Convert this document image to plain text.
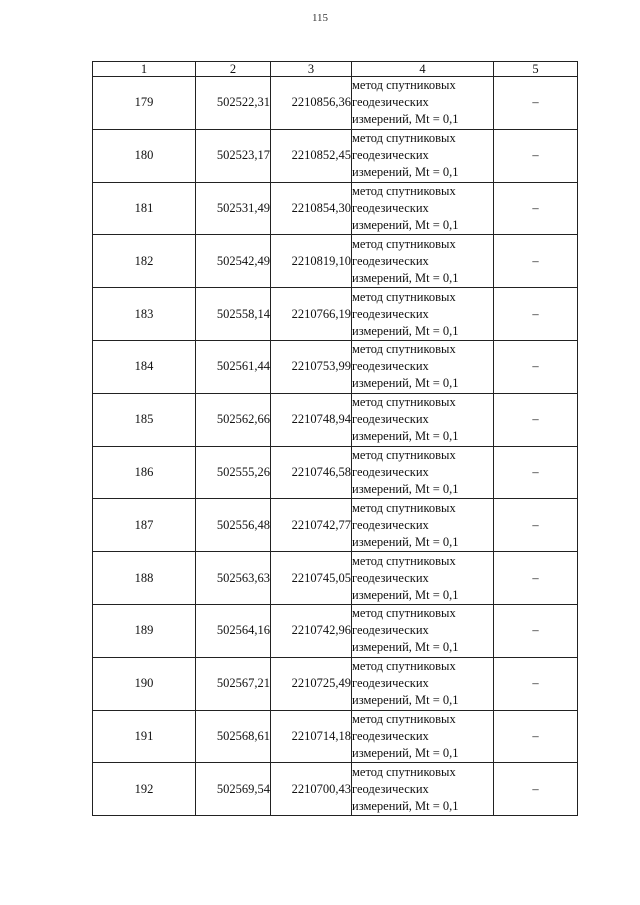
115
1	2	3	4	5
179	502522,31	2210856,36	метод спутниковых
геодезических
измерений, Mt = 0,1	–
180	502523,17	2210852,45	метод спутниковых
геодезических
измерений, Mt = 0,1	–
181	502531,49	2210854,30	метод спутниковых
геодезических
измерений, Mt = 0,1	–
182	502542,49	2210819,10	метод спутниковых
геодезических
измерений, Mt = 0,1	–
183	502558,14	2210766,19	метод спутниковых
геодезических
измерений, Mt = 0,1	–
184	502561,44	2210753,99	метод спутниковых
геодезических
измерений, Mt = 0,1	–
185	502562,66	2210748,94	метод спутниковых
геодезических
измерений, Mt = 0,1	–
186	502555,26	2210746,58	метод спутниковых
геодезических
измерений, Mt = 0,1	–
187	502556,48	2210742,77	метод спутниковых
геодезических
измерений, Mt = 0,1	–
188	502563,63	2210745,05	метод спутниковых
геодезических
измерений, Mt = 0,1	–
189	502564,16	2210742,96	метод спутниковых
геодезических
измерений, Mt = 0,1	–
190	502567,21	2210725,49	метод спутниковых
геодезических
измерений, Mt = 0,1	–
191	502568,61	2210714,18	метод спутниковых
геодезических
измерений, Mt = 0,1	–
192	502569,54	2210700,43	метод спутниковых
геодезических
измерений, Mt = 0,1	–
